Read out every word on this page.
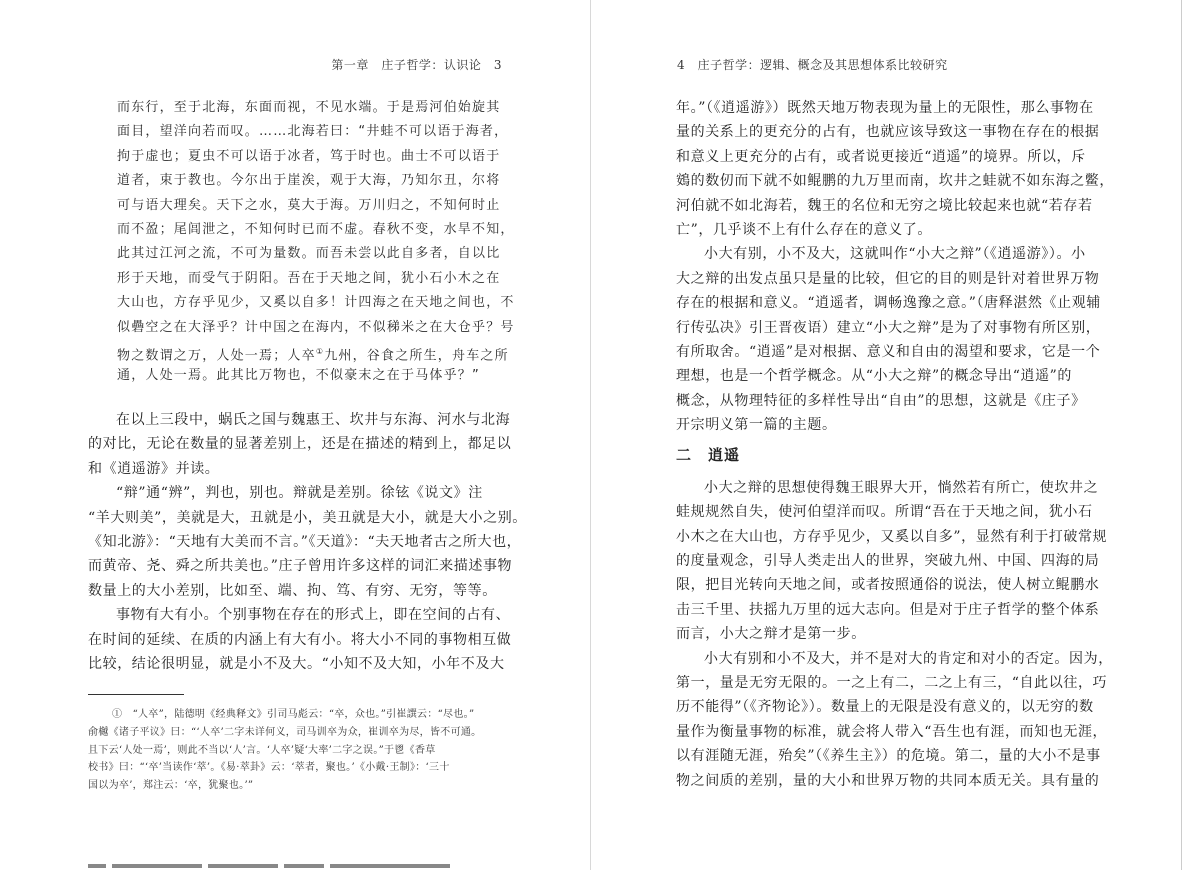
第一章　庄子哲学：认识论　3
而东行，至于北海，东面而视，不见水端。于是焉河伯始旋其
面目，望洋向若而叹。……北海若曰：“井蛙不可以语于海者，
拘于虚也；夏虫不可以语于冰者，笃于时也。曲士不可以语于
道者，束于教也。今尔出于崖涘，观于大海，乃知尔丑，尔将
可与语大理矣。天下之水，莫大于海。万川归之，不知何时止
而不盈；尾闾泄之，不知何时已而不虚。春秋不变，水旱不知，
此其过江河之流，不可为量数。而吾未尝以此自多者，自以比
形于天地，而受气于阴阳。吾在于天地之间，犹小石小木之在
大山也，方存乎见少，又奚以自多！计四海之在天地之间也，不
似礨空之在大泽乎？计中国之在海内，不似稊米之在大仓乎？号
物之数谓之万，人处一焉；人卒①九州，谷食之所生，舟车之所
通，人处一焉。此其比万物也，不似豪末之在于马体乎？”
在以上三段中，蜗氏之国与魏惠王、坎井与东海、河水与北海
的对比，无论在数量的显著差别上，还是在描述的精到上，都足以
和《逍遥游》并读。
“辩”通“辨”，判也，别也。辩就是差别。徐铉《说文》注
“羊大则美”，美就是大，丑就是小，美丑就是大小，就是大小之别。
《知北游》：“天地有大美而不言。”《天道》：“夫天地者古之所大也，
而黄帝、尧、舜之所共美也。”庄子曾用许多这样的词汇来描述事物
数量上的大小差别，比如至、端、拘、笃、有穷、无穷，等等。
事物有大有小。个别事物在存在的形式上，即在空间的占有、
在时间的延续、在质的内涵上有大有小。将大小不同的事物相互做
比较，结论很明显，就是小不及大。“小知不及大知，小年不及大
①　“人卒”，陆德明《经典释文》引司马彪云：“卒，众也。”引崔譔云：“尽也。”
俞樾《诸子平议》曰：“‘人卒’二字未详何义，司马训卒为众，崔训卒为尽，皆不可通。
且下云‘人处一焉’，则此不当以‘人’言。‘人卒’疑‘大率’二字之误。”于鬯《香草
校书》曰：“‘卒’当读作‘萃’。《易·萃卦》云：‘萃者，聚也。’《小戴·王制》：‘三十
国以为卒’，郑注云：‘卒，犹聚也。’”
4　庄子哲学：逻辑、概念及其思想体系比较研究
年。”（《逍遥游》）既然天地万物表现为量上的无限性，那么事物在
量的关系上的更充分的占有，也就应该导致这一事物在存在的根据
和意义上更充分的占有，或者说更接近“逍遥”的境界。所以，斥
鴳的数仞而下就不如鲲鹏的九万里而南，坎井之蛙就不如东海之鳖，
河伯就不如北海若，魏王的名位和无穷之境比较起来也就“若存若
亡”，几乎谈不上有什么存在的意义了。
小大有别，小不及大，这就叫作“小大之辩”（《逍遥游》）。小
大之辩的出发点虽只是量的比较，但它的目的则是针对着世界万物
存在的根据和意义。“逍遥者，调畅逸豫之意。”（唐释湛然《止观辅
行传弘决》引王晋夜语）建立“小大之辩”是为了对事物有所区别，
有所取舍。“逍遥”是对根据、意义和自由的渴望和要求，它是一个
理想，也是一个哲学概念。从“小大之辩”的概念导出“逍遥”的
概念，从物理特征的多样性导出“自由”的思想，这就是《庄子》
开宗明义第一篇的主题。
二　逍遥
小大之辩的思想使得魏王眼界大开，惝然若有所亡，使坎井之
蛙规规然自失，使河伯望洋而叹。所谓“吾在于天地之间，犹小石
小木之在大山也，方存乎见少，又奚以自多”，显然有利于打破常规
的度量观念，引导人类走出人的世界，突破九州、中国、四海的局
限，把目光转向天地之间，或者按照通俗的说法，使人树立鲲鹏水
击三千里、扶摇九万里的远大志向。但是对于庄子哲学的整个体系
而言，小大之辩才是第一步。
小大有别和小不及大，并不是对大的肯定和对小的否定。因为，
第一，量是无穷无限的。一之上有二，二之上有三，“自此以往，巧
历不能得”（《齐物论》）。数量上的无限是没有意义的，以无穷的数
量作为衡量事物的标准，就会将人带入“吾生也有涯，而知也无涯，
以有涯随无涯，殆矣”（《养生主》）的危境。第二，量的大小不是事
物之间质的差别，量的大小和世界万物的共同本质无关。具有量的
